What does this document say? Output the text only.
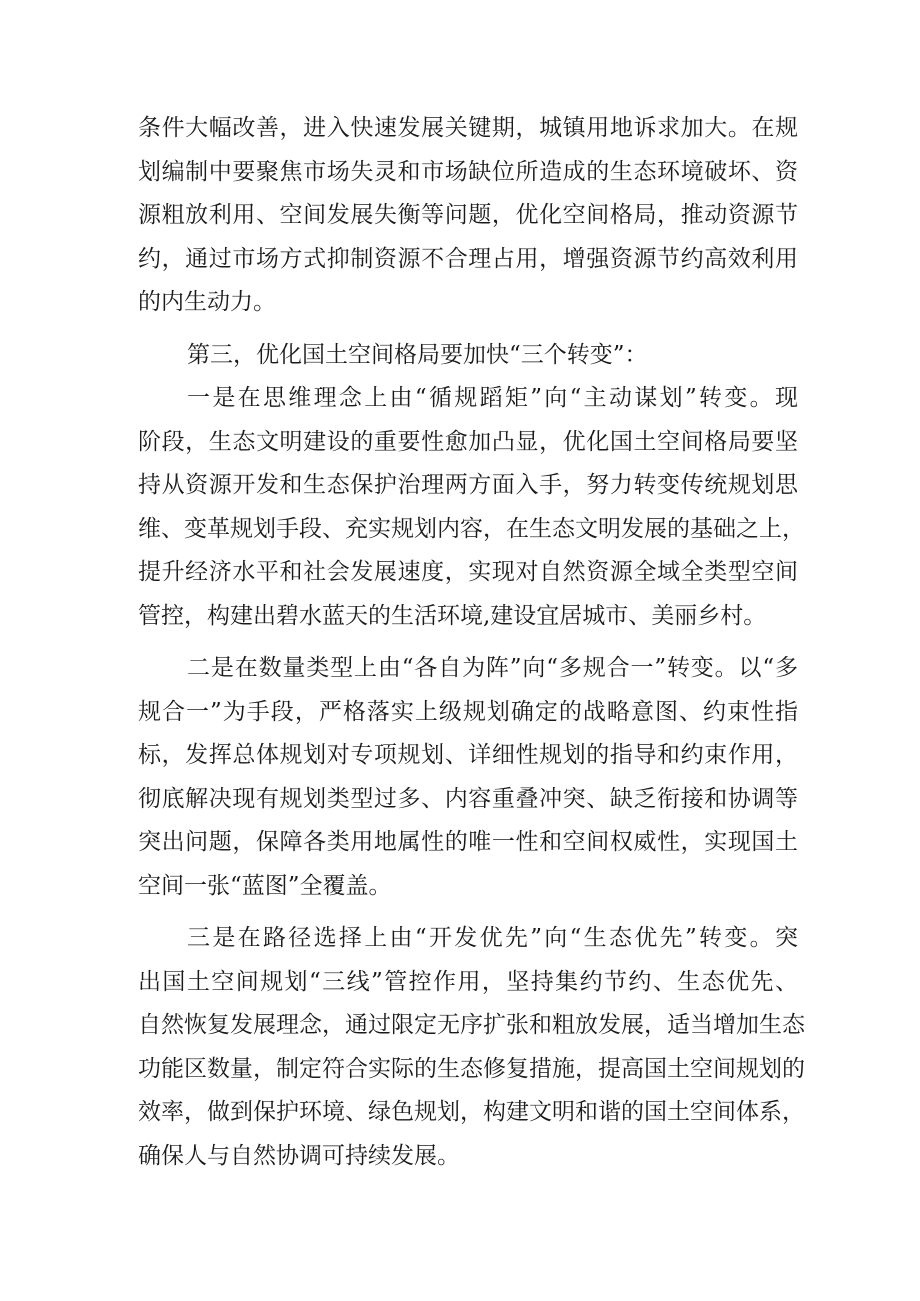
条件大幅改善，进入快速发展关键期，城镇用地诉求加大。在规
划编制中要聚焦市场失灵和市场缺位所造成的生态环境破坏、资
源粗放利用、空间发展失衡等问题，优化空间格局，推动资源节
约，通过市场方式抑制资源不合理占用，增强资源节约高效利用
的内生动力。
第三，优化国土空间格局要加快“三个转变”：
一是在思维理念上由“循规蹈矩”向“主动谋划”转变。现
阶段，生态文明建设的重要性愈加凸显，优化国土空间格局要坚
持从资源开发和生态保护治理两方面入手，努力转变传统规划思
维、变革规划手段、充实规划内容，在生态文明发展的基础之上，
提升经济水平和社会发展速度，实现对自然资源全域全类型空间
管控，构建出碧水蓝天的生活环境,建设宜居城市、美丽乡村。
二是在数量类型上由“各自为阵”向“多规合一”转变。以“多
规合一”为手段，严格落实上级规划确定的战略意图、约束性指
标，发挥总体规划对专项规划、详细性规划的指导和约束作用，
彻底解决现有规划类型过多、内容重叠冲突、缺乏衔接和协调等
突出问题，保障各类用地属性的唯一性和空间权威性，实现国土
空间一张“蓝图”全覆盖。
三是在路径选择上由“开发优先”向“生态优先”转变。突
出国土空间规划“三线”管控作用，坚持集约节约、生态优先、
自然恢复发展理念，通过限定无序扩张和粗放发展，适当增加生态
功能区数量，制定符合实际的生态修复措施，提高国土空间规划的
效率，做到保护环境、绿色规划，构建文明和谐的国土空间体系，
确保人与自然协调可持续发展。
